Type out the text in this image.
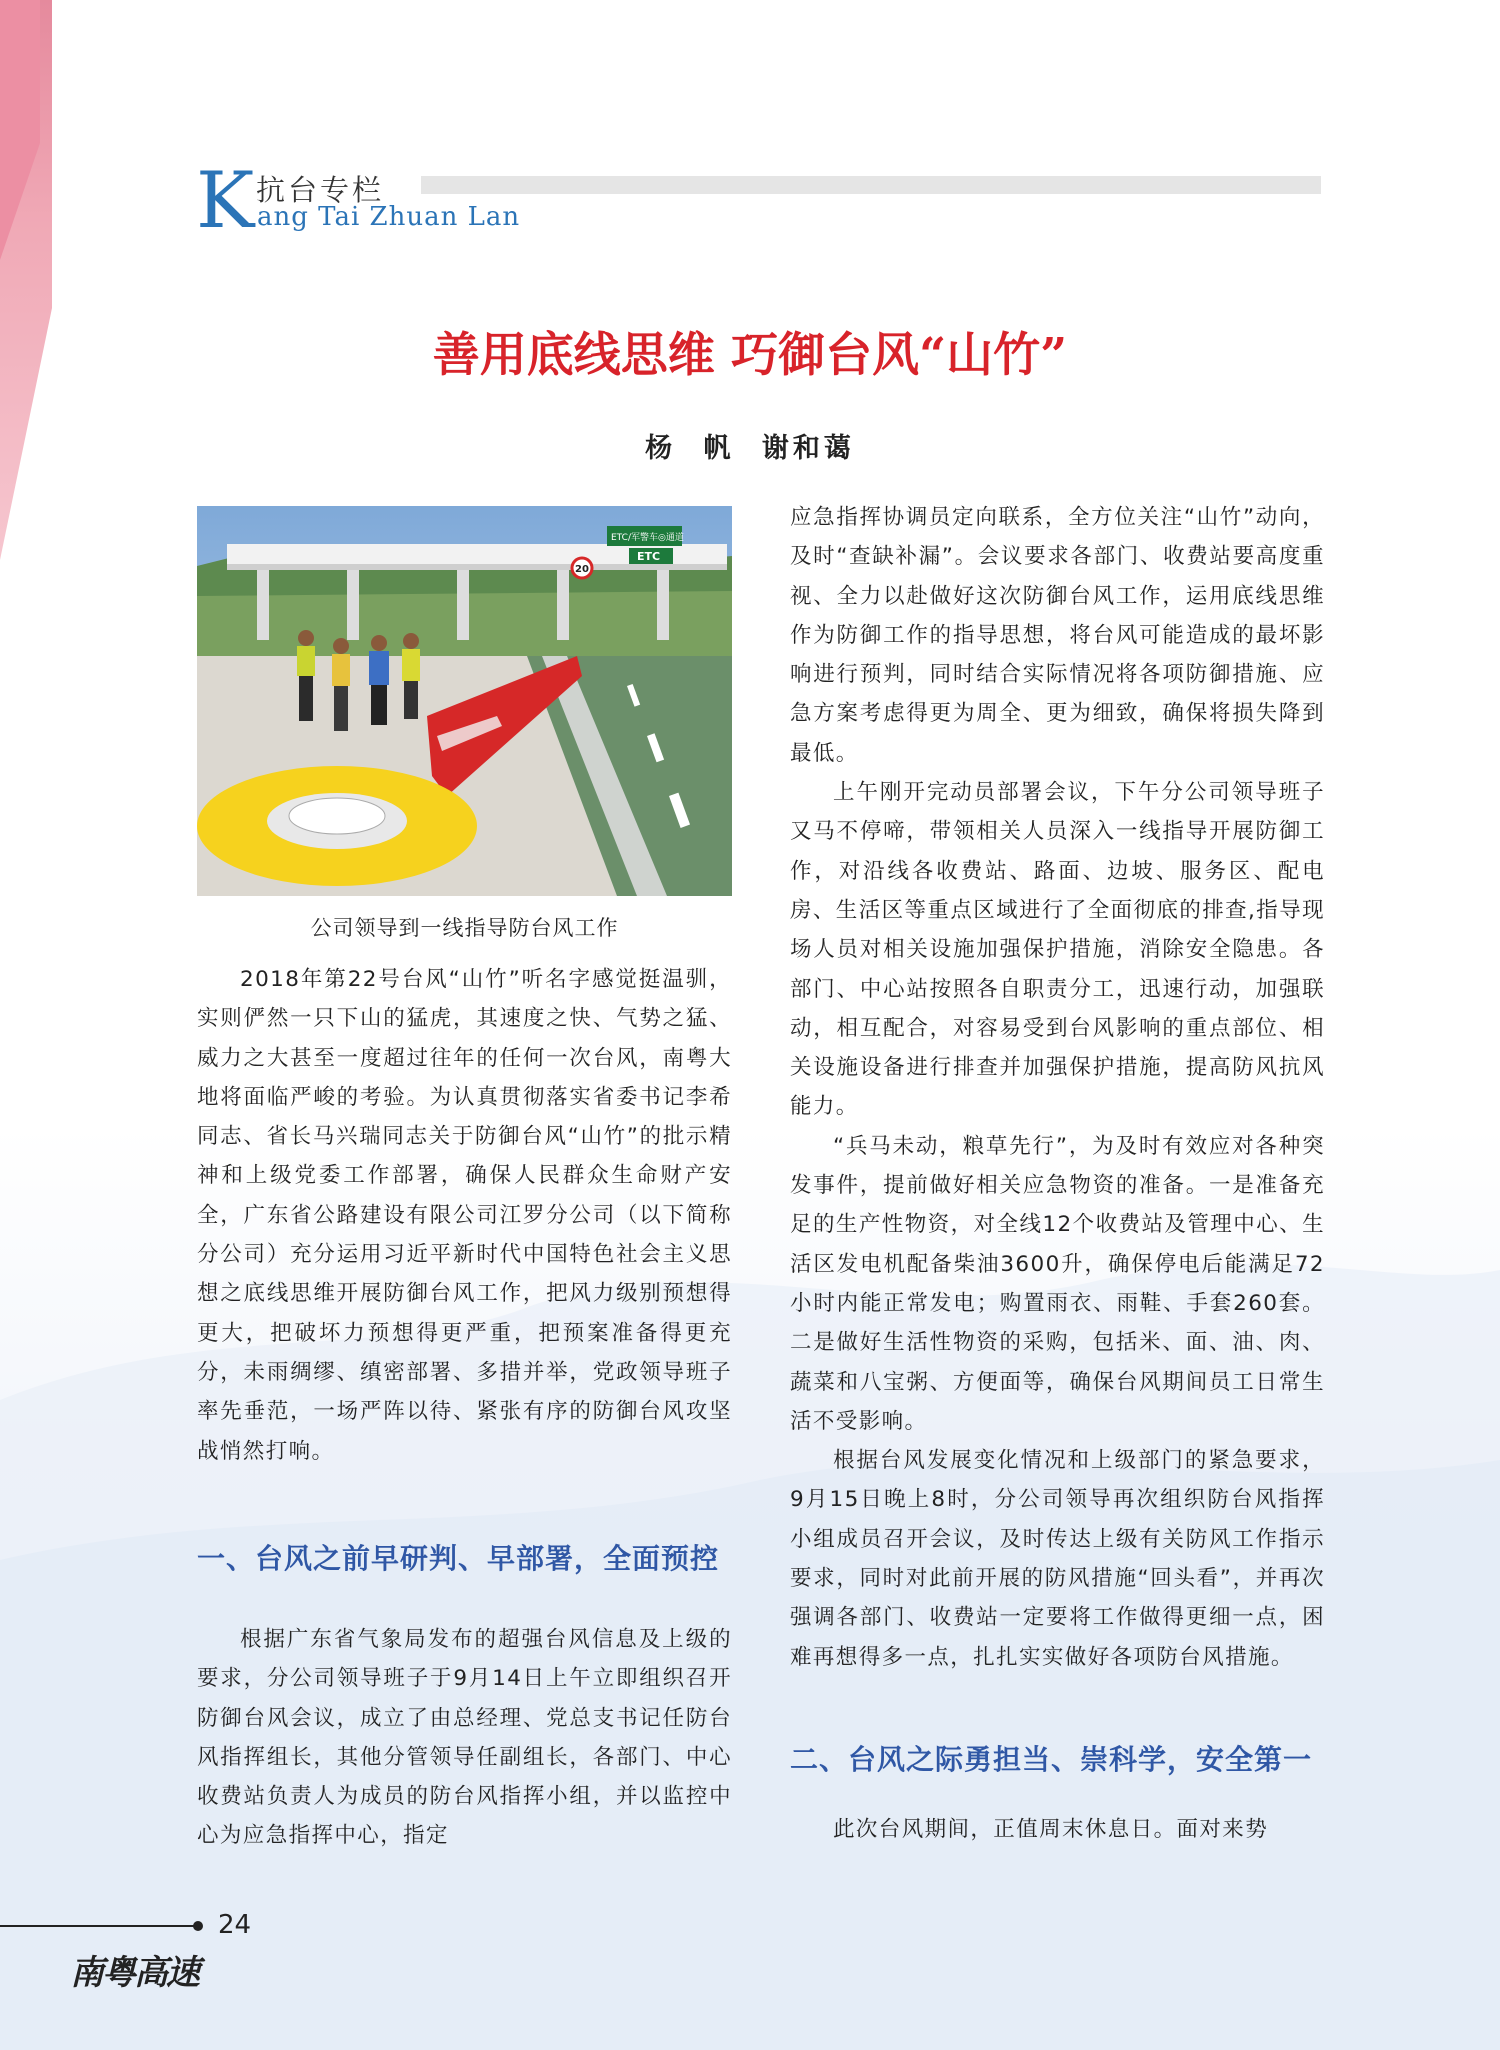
K 抗台专栏
ang Tai Zhuan Lan
善用底线思维 巧御台风“山竹”
杨 帆 谢和蔼
ETC/军警车◎通道
ETC
20
公司领导到一线指导防台风工作

2018年第22号台风“山竹”听名字感觉挺温驯，实则俨然一只下山的猛虎，其速度之快、气势之猛、威力之大甚至一度超过往年的任何一次台风，南粤大地将面临严峻的考验。为认真贯彻落实省委书记李希同志、省长马兴瑞同志关于防御台风“山竹”的批示精神和上级党委工作部署，确保人民群众生命财产安全，广东省公路建设有限公司江罗分公司（以下简称分公司）充分运用习近平新时代中国特色社会主义思想之底线思维开展防御台风工作，把风力级别预想得更大，把破坏力预想得更严重，把预案准备得更充分，未雨绸缪、缜密部署、多措并举，党政领导班子率先垂范，一场严阵以待、紧张有序的防御台风攻坚战悄然打响。

一、台风之前早研判、早部署，全面预控

根据广东省气象局发布的超强台风信息及上级的要求，分公司领导班子于9月14日上午立即组织召开防御台风会议，成立了由总经理、党总支书记任防台风指挥组长，其他分管领导任副组长，各部门、中心收费站负责人为成员的防台风指挥小组，并以监控中心为应急指挥中心，指定

应急指挥协调员定向联系，全方位关注“山竹”动向，及时“查缺补漏”。会议要求各部门、收费站要高度重视、全力以赴做好这次防御台风工作，运用底线思维作为防御工作的指导思想，将台风可能造成的最坏影响进行预判，同时结合实际情况将各项防御措施、应急方案考虑得更为周全、更为细致，确保将损失降到最低。

上午刚开完动员部署会议，下午分公司领导班子又马不停啼，带领相关人员深入一线指导开展防御工作，对沿线各收费站、路面、边坡、服务区、配电房、生活区等重点区域进行了全面彻底的排查,指导现场人员对相关设施加强保护措施，消除安全隐患。各部门、中心站按照各自职责分工，迅速行动，加强联动，相互配合，对容易受到台风影响的重点部位、相关设施设备进行排查并加强保护措施，提高防风抗风能力。

“兵马未动，粮草先行”，为及时有效应对各种突发事件，提前做好相关应急物资的准备。一是准备充足的生产性物资，对全线12个收费站及管理中心、生活区发电机配备柴油3600升，确保停电后能满足72小时内能正常发电；购置雨衣、雨鞋、手套260套。二是做好生活性物资的采购，包括米、面、油、肉、蔬菜和八宝粥、方便面等，确保台风期间员工日常生活不受影响。

根据台风发展变化情况和上级部门的紧急要求，9月15日晚上8时，分公司领导再次组织防台风指挥小组成员召开会议，及时传达上级有关防风工作指示要求，同时对此前开展的防风措施“回头看”，并再次强调各部门、收费站一定要将工作做得更细一点，困难再想得多一点，扎扎实实做好各项防台风措施。

二、台风之际勇担当、崇科学，安全第一

此次台风期间，正值周末休息日。面对来势

24
南粤高速
